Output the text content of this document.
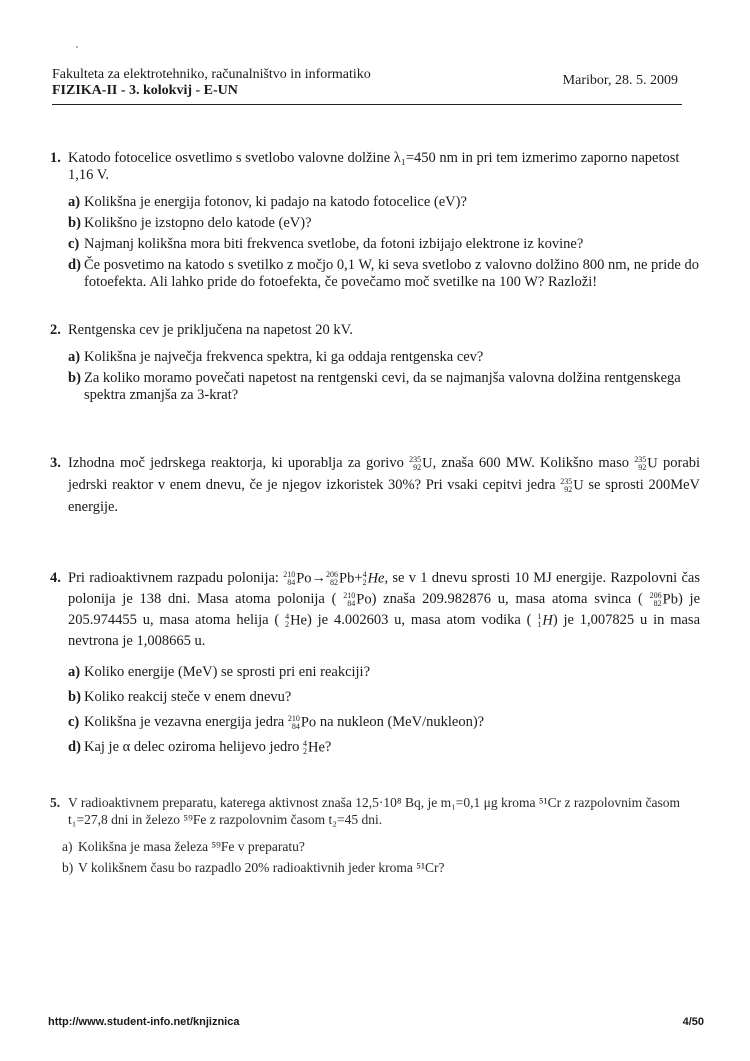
Fakulteta za elektrotehniko, računalništvo in informatiko
FIZIKA-II - 3. kolokvij - E-UN
Maribor, 28. 5. 2009
1. Katodo fotocelice osvetlimo s svetlobo valovne dolžine λ₁=450 nm in pri tem izmerimo zaporno napetost 1,16 V.
a) Kolikšna je energija fotonov, ki padajo na katodo fotocelice (eV)?
b) Kolikšno je izstopno delo katode (eV)?
c) Najmanj kolikšna mora biti frekvenca svetlobe, da fotoni izbijajo elektrone iz kovine?
d) Če posvetimo na katodo s svetilko z močjo 0,1 W, ki seva svetlobo z valovno dolžino 800 nm, ne pride do fotoefekta. Ali lahko pride do fotoefekta, če povečamo moč svetilke na 100 W? Razloži!
2. Rentgenska cev je priključena na napetost 20 kV.
a) Kolikšna je največja frekvenca spektra, ki ga oddaja rentgenska cev?
b) Za koliko moramo povečati napetost na rentgenski cevi, da se najmanjša valovna dolžina rentgenskega spektra zmanjša za 3-krat?
3. Izhodna moč jedrskega reaktorja, ki uporablja za gorivo 235
92 U, znaša 600 MW. Kolikšno maso 235
92 U porabi jedrski reaktor v enem dnevu, če je njegov izkoristek 30%? Pri vsaki cepitvi jedra 235
92 U se sprosti 200MeV energije.
4. Pri radioaktivnem razpadu polonija: 210
84 Po→ 206
82 Pb+ 4
2 He, se v 1 dnevu sprosti 10 MJ energije. Razpolovni čas polonija je 138 dni. Masa atoma polonija ( 210
84 Po) znaša 209.982876 u, masa atoma svinca ( 206
82 Pb) je 205.974455 u, masa atoma helija ( 4
2 He) je 4.002603 u, masa atom vodika ( 1
1 H) je 1,007825 u in masa nevtrona je 1,008665 u.
a) Koliko energije (MeV) se sprosti pri eni reakciji?
b) Koliko reakcij steče v enem dnevu?
c) Kolikšna je vezavna energija jedra 210
84 Po na nukleon (MeV/nukleon)?
d) Kaj je α delec oziroma helijevo jedro 4
2 He?
5. V radioaktivnem preparatu, katerega aktivnost znaša 12,5·10⁸ Bq, je m₁=0,1 μg kroma ⁵¹Cr z razpolovnim časom t₁=27,8 dni in železo ⁵⁹Fe z razpolovnim časom t₂=45 dni.
a) Kolikšna je masa železa ⁵⁹Fe v preparatu?
b) V kolikšnem času bo razpadlo 20% radioaktivnih jeder kroma ⁵¹Cr?
http://www.student-info.net/knjiznica	4/50
